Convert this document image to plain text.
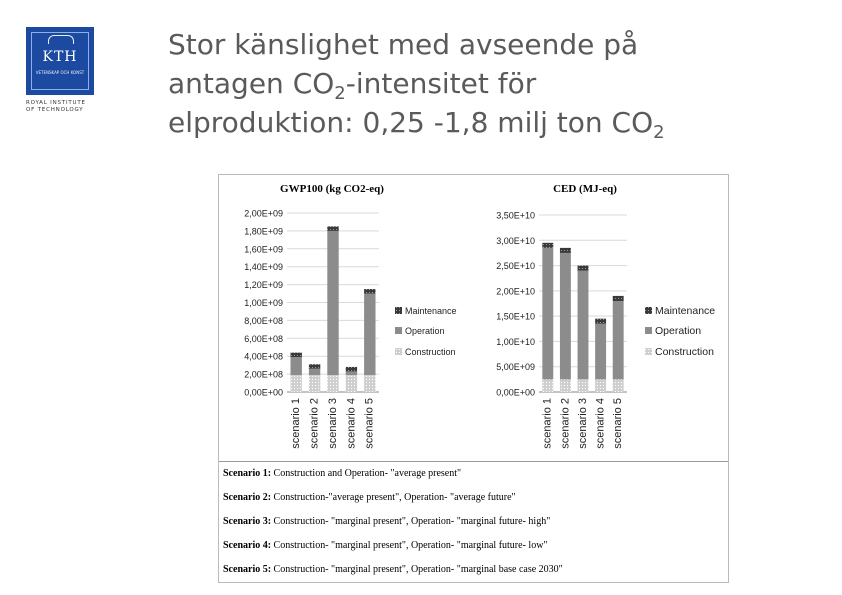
KTH
VETENSKAP OCH KONST
ROYAL INSTITUTE
OF TECHNOLOGY
Stor känslighet med avseende på
antagen $CO_2$-intensitet för
elproduktion: 0,25 -1,8 milj ton $CO_2$
GWP100 (kg CO2-eq)
0,00E+00
2,00E+08
4,00E+08
6,00E+08
8,00E+08
1,00E+09
1,20E+09
1,40E+09
1,60E+09
1,80E+09
2,00E+09
scenario 1 scenario 2 scenario 3 scenario 4 scenario 5
Maintenance
Operation
Construction
CED (MJ-eq)
0,00E+00
5,00E+09
1,00E+10
1,50E+10
2,00E+10
2,50E+10
3,00E+10
3,50E+10
scenario 1 scenario 2 scenario 3 scenario 4 scenario 5
Maintenance
Operation
Construction
Scenario 1: Construction and Operation- "average present"
Scenario 2: Construction-"average present", Operation- "average future"
Scenario 3: Construction- "marginal present", Operation- "marginal future- high"
Scenario 4: Construction- "marginal present", Operation- "marginal future- low"
Scenario 5: Construction- "marginal present", Operation- "marginal base case 2030"
